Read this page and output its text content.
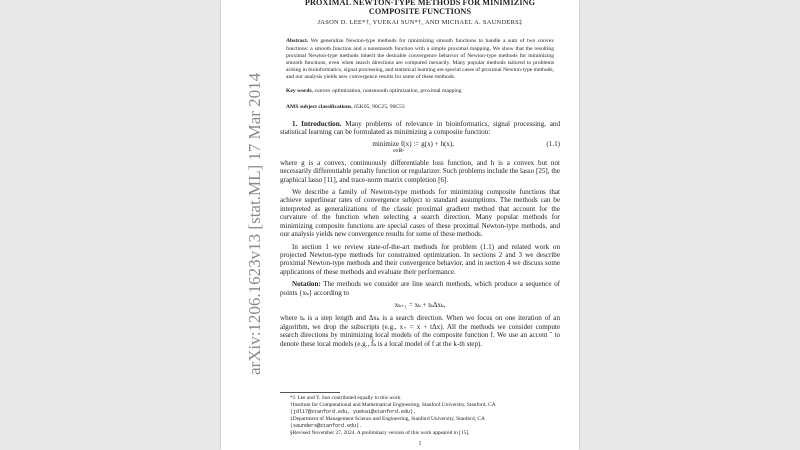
arXiv:1206.1623v13 [stat.ML] 17 Mar 2014
PROXIMAL NEWTON-TYPE METHODS FOR MINIMIZING COMPOSITE FUNCTIONS
JASON D. LEE*†, YUEKAI SUN*†, AND MICHAEL A. SAUNDERS‡
Abstract. We generalize Newton-type methods for minimizing smooth functions to handle a sum of two convex functions: a smooth function and a nonsmooth function with a simple proximal mapping. We show that the resulting proximal Newton-type methods inherit the desirable convergence behavior of Newton-type methods for minimizing smooth functions, even when search directions are computed inexactly. Many popular methods tailored to problems arising in bioinformatics, signal processing, and statistical learning are special cases of proximal Newton-type methods, and our analysis yields new convergence results for some of these methods.
Key words. convex optimization, nonsmooth optimization, proximal mapping
AMS subject classifications. 65K05, 90C25, 90C53

1. Introduction. Many problems of relevance in bioinformatics, signal processing, and statistical learning can be formulated as minimizing a composite function:

minimize f(x) := g(x) + h(x),
x∈ℝⁿ
(1.1)

where g is a convex, continuously differentiable loss function, and h is a convex but not necessarily differentiable penalty function or regularizer. Such problems include the lasso [25], the graphical lasso [11], and trace-norm matrix completion [6].

We describe a family of Newton-type methods for minimizing composite functions that achieve superlinear rates of convergence subject to standard assumptions. The methods can be interpreted as generalizations of the classic proximal gradient method that account for the curvature of the function when selecting a search direction. Many popular methods for minimizing composite functions are special cases of these proximal Newton-type methods, and our analysis yields new convergence results for some of these methods.

In section 1 we review state-of-the-art methods for problem (1.1) and related work on projected Newton-type methods for constrained optimization. In sections 2 and 3 we describe proximal Newton-type methods and their convergence behavior, and in section 4 we discuss some applications of these methods and evaluate their performance.

Notation: The methods we consider are line search methods, which produce a sequence of points {xₖ} according to

xₖ₊₁ = xₖ + tₖΔxₖ,

where tₖ is a step length and Δxₖ is a search direction. When we focus on one iteration of an algorithm, we drop the subscripts (e.g., x₊ = x + tΔx). All the methods we consider compute search directions by minimizing local models of the composite function f. We use an accent ˆ to denote these local models (e.g., f̂ₖ is a local model of f at the k-th step).

*J. Lee and Y. Sun contributed equally to this work.
†Institute for Computational and Mathematical Engineering, Stanford University, Stanford, CA
(jdl17@stanford.edu, yuekai@stanford.edu).
‡Department of Management Science and Engineering, Stanford University, Stanford, CA
(saunders@stanford.edu).
§Revised November 27, 2024. A preliminary version of this work appeared in [15].
1
